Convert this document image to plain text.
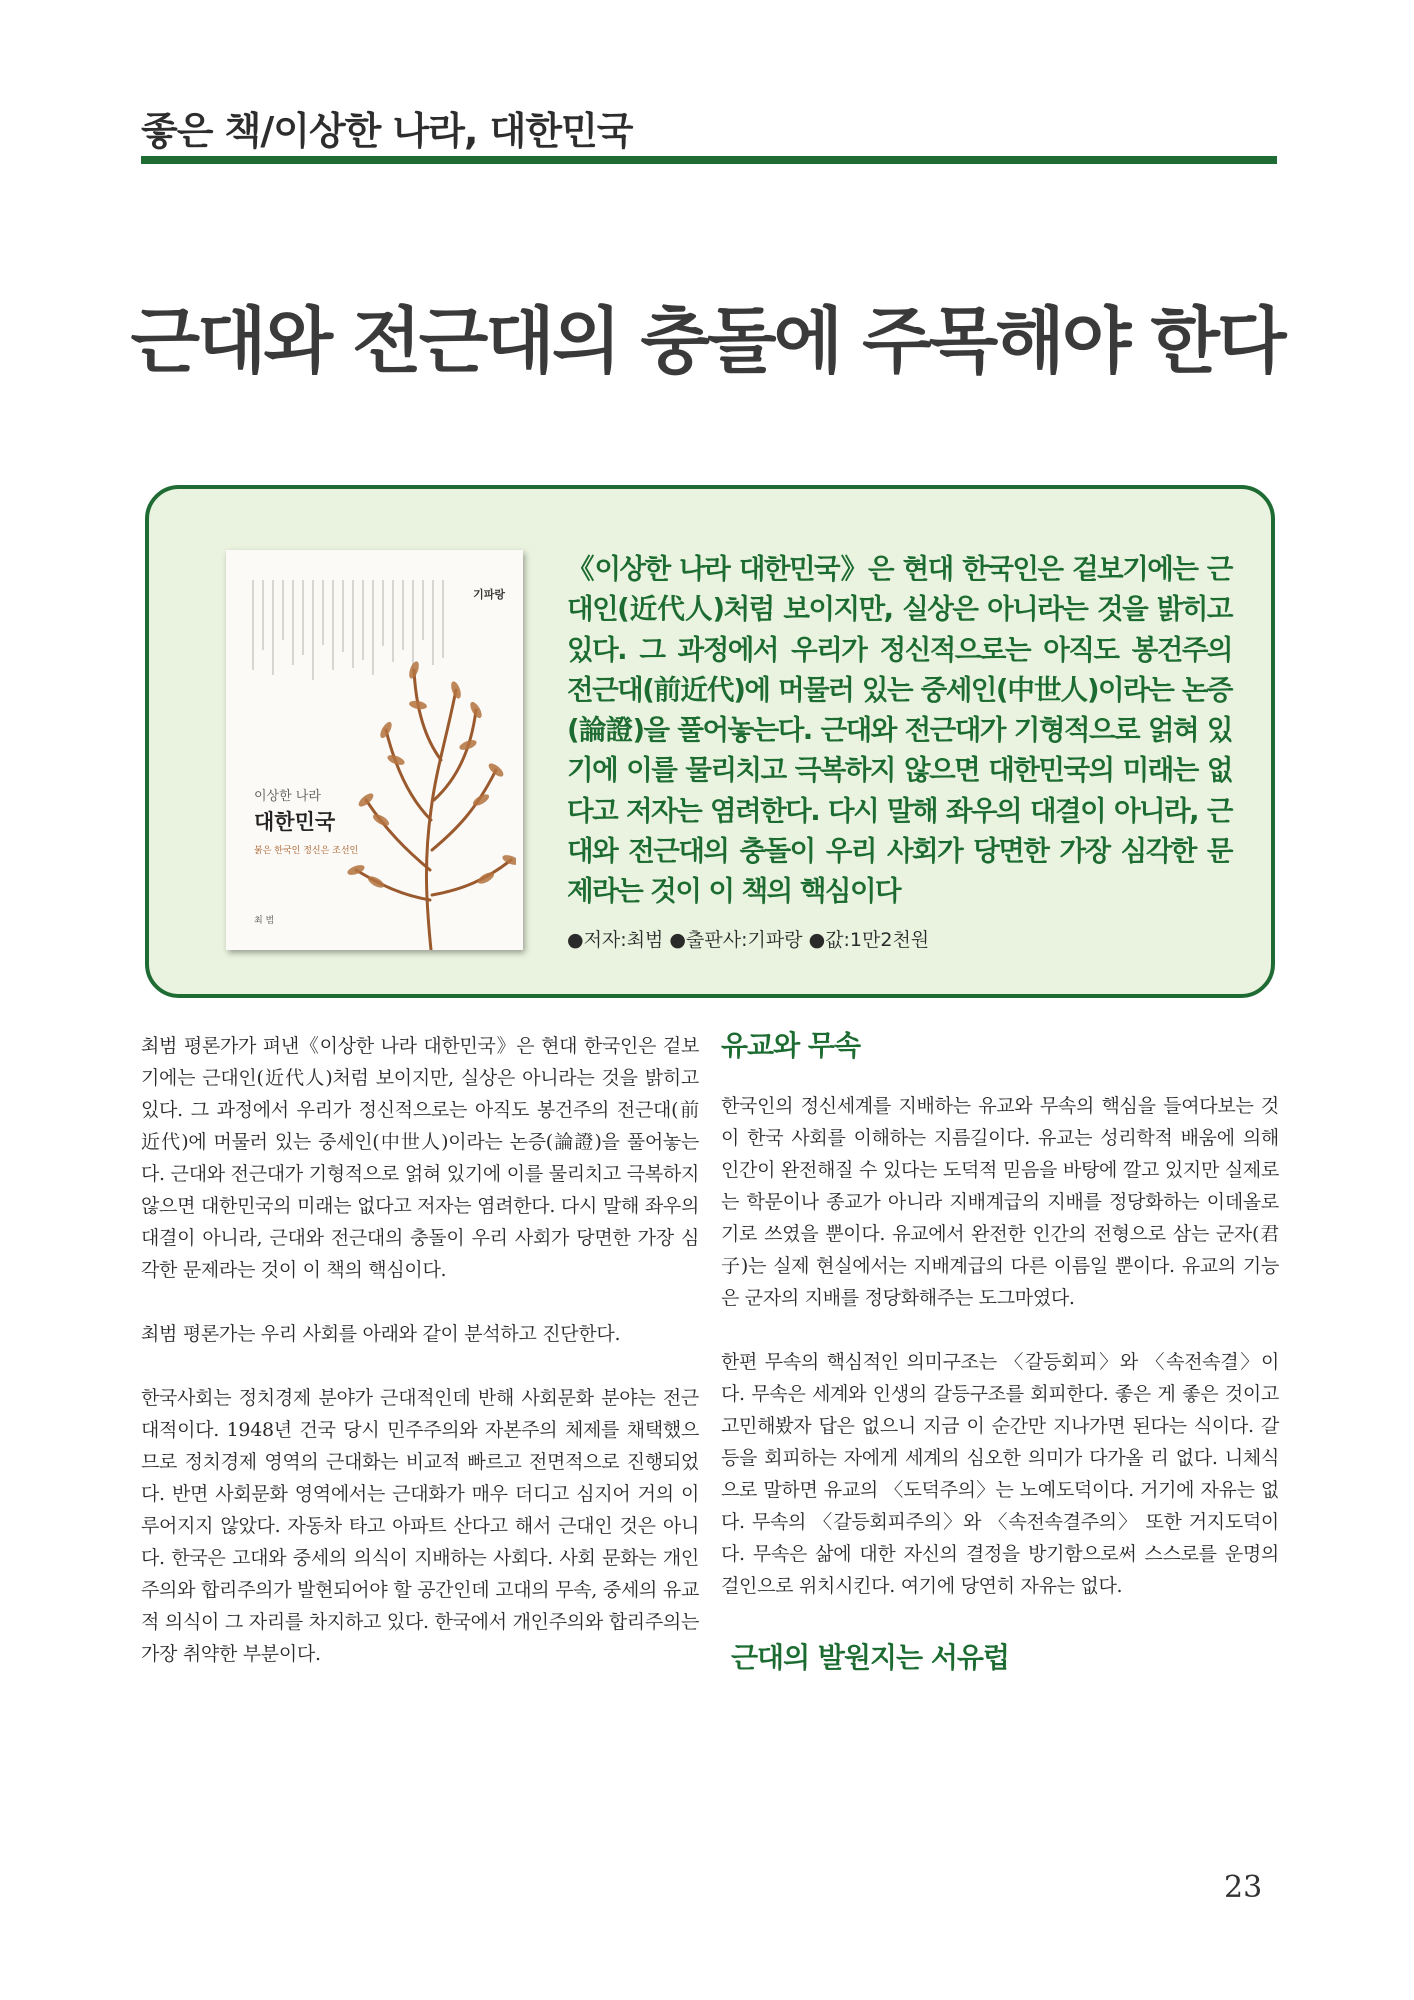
좋은 책/이상한 나라, 대한민국
근대와 전근대의 충돌에 주목해야 한다
기파랑
이상한 나라
대한민국
붉은 한국인 정신은 조선인
최 범

《이상한 나라 대한민국》은 현대 한국인은 겉보기에는 근대인(近代人)처럼 보이지만, 실상은 아니라는 것을 밝히고 있다. 그 과정에서 우리가 정신적으로는 아직도 봉건주의 전근대(前近代)에 머물러 있는 중세인(中世人)이라는 논증(論證)을 풀어놓는다. 근대와 전근대가 기형적으로 얽혀 있기에 이를 물리치고 극복하지 않으면 대한민국의 미래는 없다고 저자는 염려한다. 다시 말해 좌우의 대결이 아니라, 근대와 전근대의 충돌이 우리 사회가 당면한 가장 심각한 문제라는 것이 이 책의 핵심이다

●저자:최범 ●출판사:기파랑 ●값:1만2천원

최범 평론가가 펴낸《이상한 나라 대한민국》은 현대 한국인은 겉보기에는 근대인(近代人)처럼 보이지만, 실상은 아니라는 것을 밝히고 있다. 그 과정에서 우리가 정신적으로는 아직도 봉건주의 전근대(前近代)에 머물러 있는 중세인(中世人)이라는 논증(論證)을 풀어놓는다. 근대와 전근대가 기형적으로 얽혀 있기에 이를 물리치고 극복하지 않으면 대한민국의 미래는 없다고 저자는 염려한다. 다시 말해 좌우의 대결이 아니라, 근대와 전근대의 충돌이 우리 사회가 당면한 가장 심각한 문제라는 것이 이 책의 핵심이다.

최범 평론가는 우리 사회를 아래와 같이 분석하고 진단한다.

한국사회는 정치경제 분야가 근대적인데 반해 사회문화 분야는 전근대적이다. 1948년 건국 당시 민주주의와 자본주의 체제를 채택했으므로 정치경제 영역의 근대화는 비교적 빠르고 전면적으로 진행되었다. 반면 사회문화 영역에서는 근대화가 매우 더디고 심지어 거의 이루어지지 않았다. 자동차 타고 아파트 산다고 해서 근대인 것은 아니다. 한국은 고대와 중세의 의식이 지배하는 사회다. 사회 문화는 개인주의와 합리주의가 발현되어야 할 공간인데 고대의 무속, 중세의 유교적 의식이 그 자리를 차지하고 있다. 한국에서 개인주의와 합리주의는 가장 취약한 부분이다.

유교와 무속

한국인의 정신세계를 지배하는 유교와 무속의 핵심을 들여다보는 것이 한국 사회를 이해하는 지름길이다. 유교는 성리학적 배움에 의해 인간이 완전해질 수 있다는 도덕적 믿음을 바탕에 깔고 있지만 실제로는 학문이나 종교가 아니라 지배계급의 지배를 정당화하는 이데올로기로 쓰였을 뿐이다. 유교에서 완전한 인간의 전형으로 삼는 군자(君子)는 실제 현실에서는 지배계급의 다른 이름일 뿐이다. 유교의 기능은 군자의 지배를 정당화해주는 도그마였다.

한편 무속의 핵심적인 의미구조는 〈갈등회피〉와 〈속전속결〉이다. 무속은 세계와 인생의 갈등구조를 회피한다. 좋은 게 좋은 것이고 고민해봤자 답은 없으니 지금 이 순간만 지나가면 된다는 식이다. 갈등을 회피하는 자에게 세계의 심오한 의미가 다가올 리 없다. 니체식으로 말하면 유교의 〈도덕주의〉는 노예도덕이다. 거기에 자유는 없다. 무속의 〈갈등회피주의〉와 〈속전속결주의〉 또한 거지도덕이다. 무속은 삶에 대한 자신의 결정을 방기함으로써 스스로를 운명의 걸인으로 위치시킨다. 여기에 당연히 자유는 없다.

근대의 발원지는 서유럽
23
